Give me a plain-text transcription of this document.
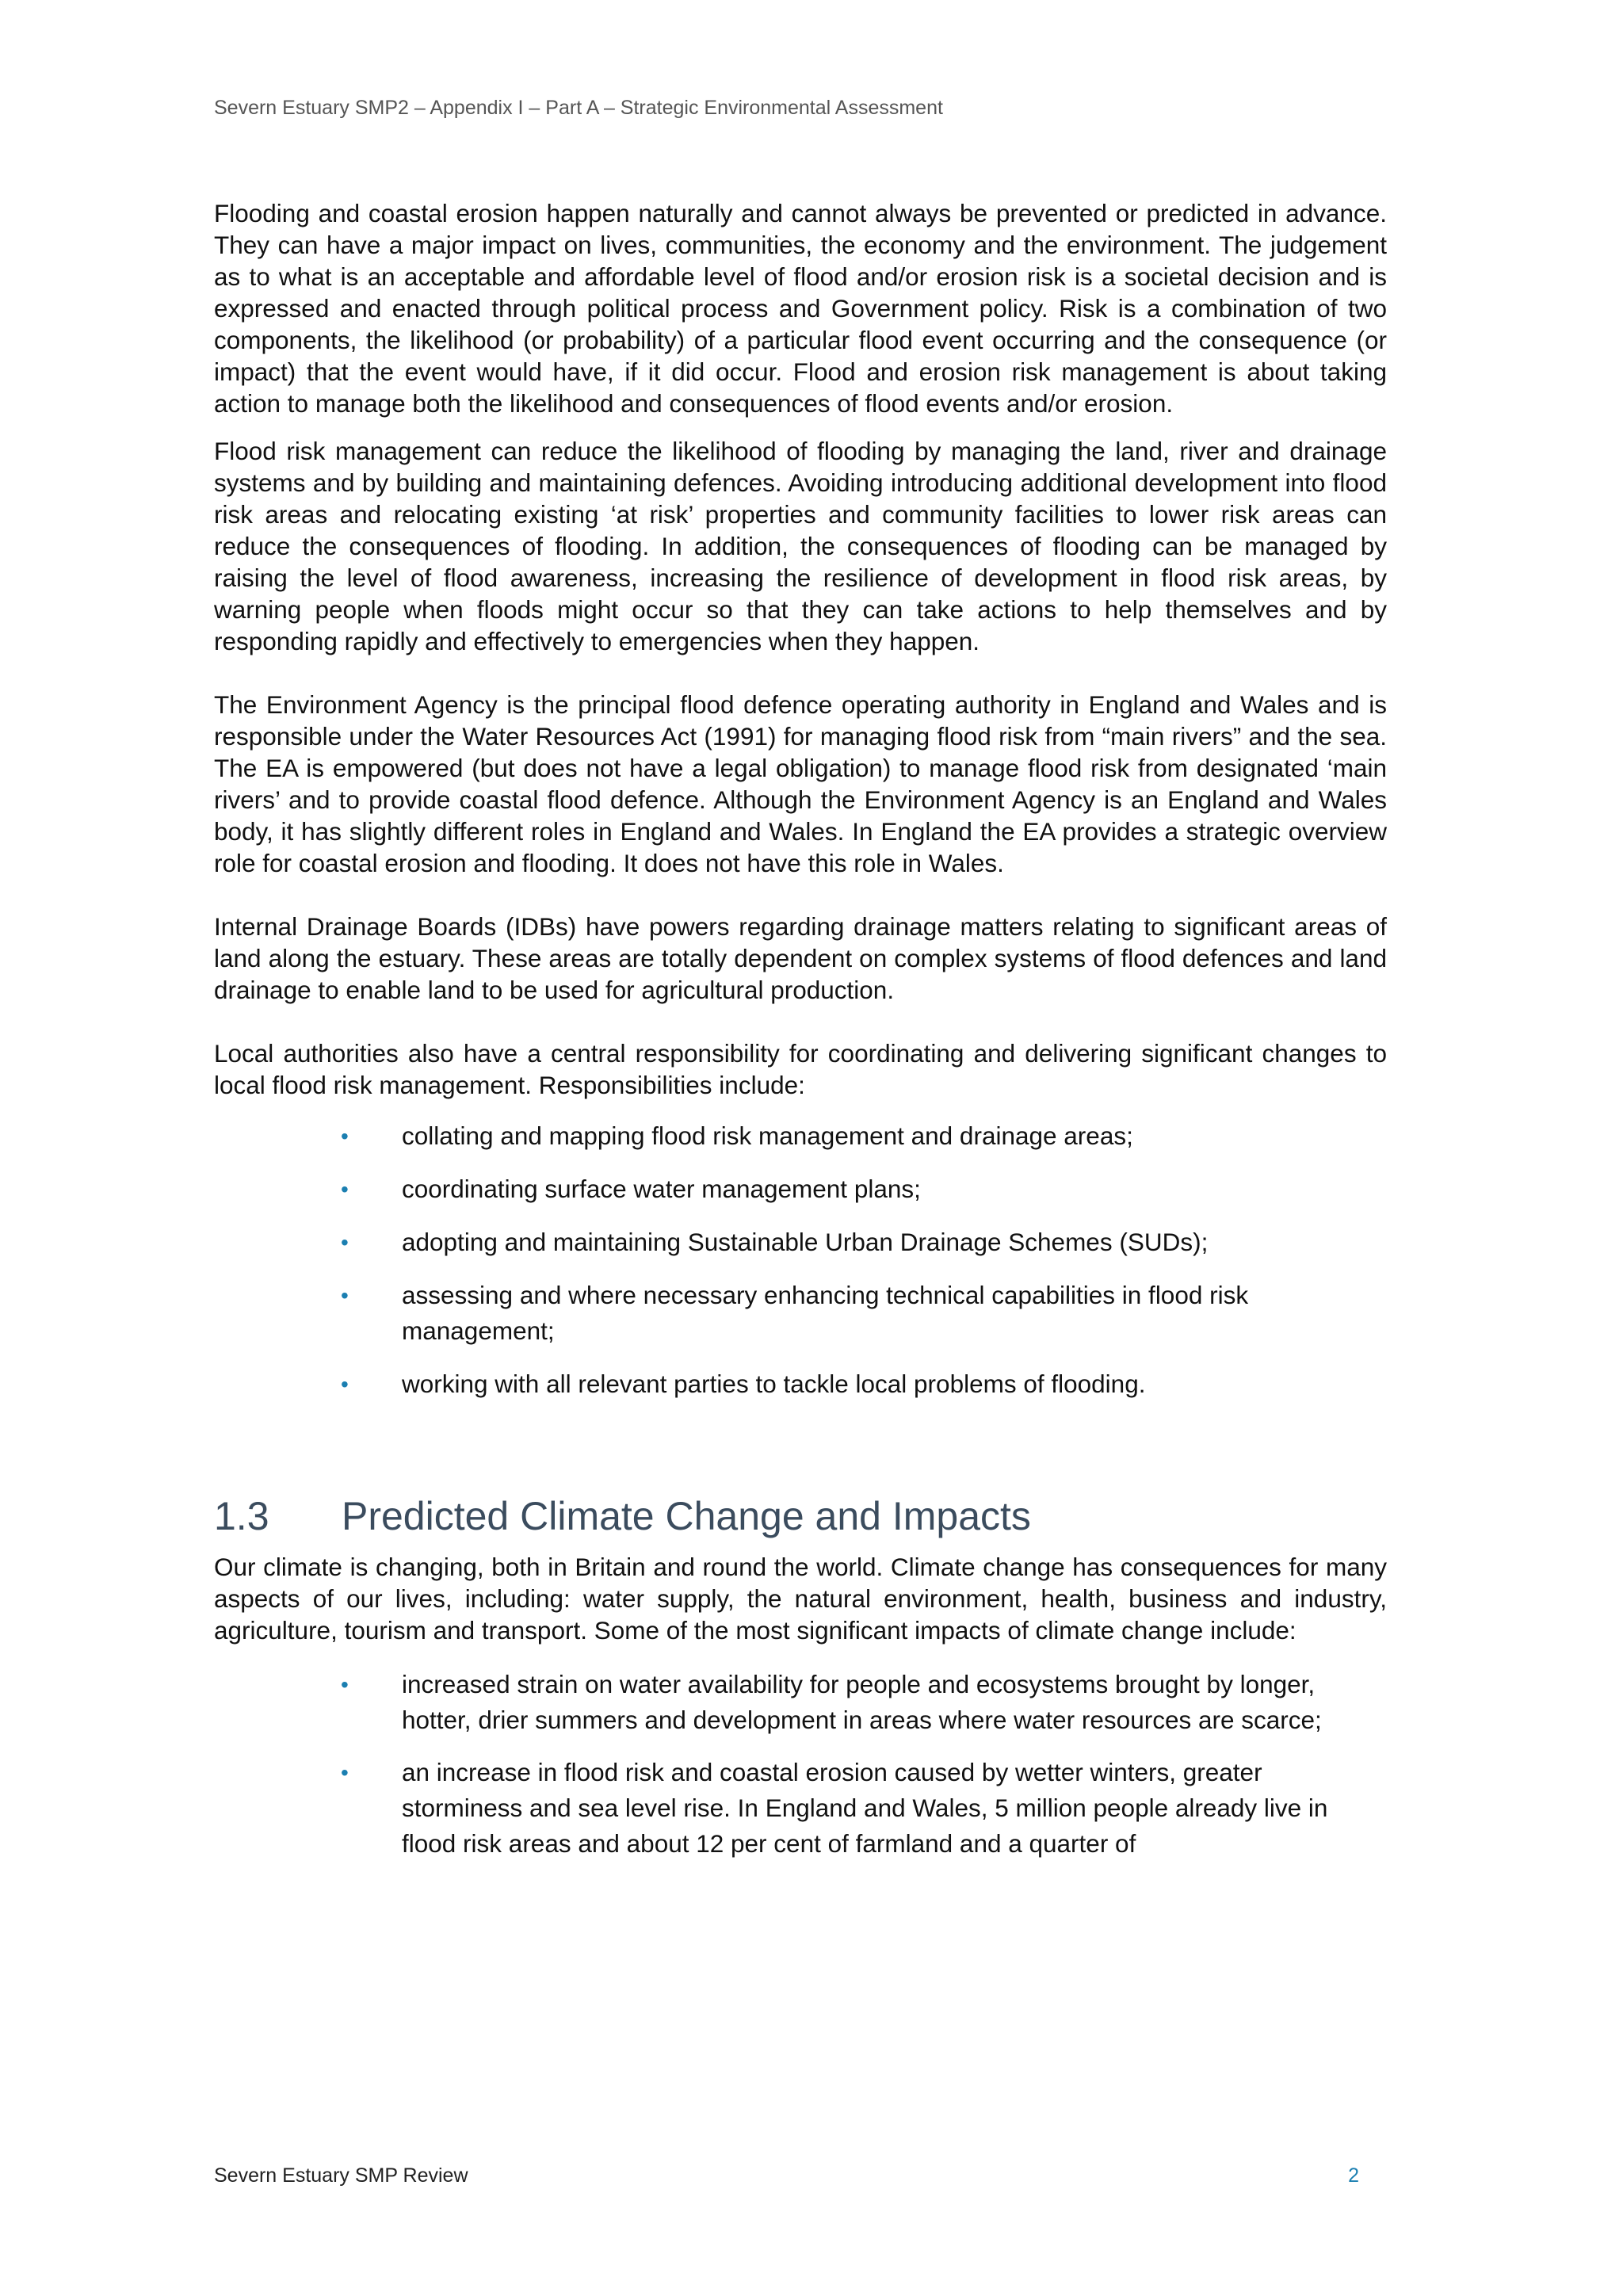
Severn Estuary SMP2 – Appendix I – Part A – Strategic Environmental Assessment

Flooding and coastal erosion happen naturally and cannot always be prevented or predicted in advance. They can have a major impact on lives, communities, the economy and the environment. The judgement as to what is an acceptable and affordable level of flood and/or erosion risk is a societal decision and is expressed and enacted through political process and Government policy. Risk is a combination of two components, the likelihood (or probability) of a particular flood event occurring and the consequence (or impact) that the event would have, if it did occur. Flood and erosion risk management is about taking action to manage both the likelihood and consequences of flood events and/or erosion.

Flood risk management can reduce the likelihood of flooding by managing the land, river and drainage systems and by building and maintaining defences. Avoiding introducing additional development into flood risk areas and relocating existing ‘at risk’ properties and community facilities to lower risk areas can reduce the consequences of flooding. In addition, the consequences of flooding can be managed by raising the level of flood awareness, increasing the resilience of development in flood risk areas, by warning people when floods might occur so that they can take actions to help themselves and by responding rapidly and effectively to emergencies when they happen.

The Environment Agency is the principal flood defence operating authority in England and Wales and is responsible under the Water Resources Act (1991) for managing flood risk from “main rivers” and the sea. The EA is empowered (but does not have a legal obligation) to manage flood risk from designated ‘main rivers’ and to provide coastal flood defence. Although the Environment Agency is an England and Wales body, it has slightly different roles in England and Wales. In England the EA provides a strategic overview role for coastal erosion and flooding. It does not have this role in Wales.

Internal Drainage Boards (IDBs) have powers regarding drainage matters relating to significant areas of land along the estuary. These areas are totally dependent on complex systems of flood defences and land drainage to enable land to be used for agricultural production.

Local authorities also have a central responsibility for coordinating and delivering significant changes to local flood risk management. Responsibilities include:

• collating and mapping flood risk management and drainage areas;
• coordinating surface water management plans;
• adopting and maintaining Sustainable Urban Drainage Schemes (SUDs);
• assessing and where necessary enhancing technical capabilities in flood risk management;
• working with all relevant parties to tackle local problems of flooding.
1.3 Predicted Climate Change and Impacts

Our climate is changing, both in Britain and round the world. Climate change has consequences for many aspects of our lives, including: water supply, the natural environment, health, business and industry, agriculture, tourism and transport. Some of the most significant impacts of climate change include:

• increased strain on water availability for people and ecosystems brought by longer, hotter, drier summers and development in areas where water resources are scarce;
• an increase in flood risk and coastal erosion caused by wetter winters, greater storminess and sea level rise. In England and Wales, 5 million people already live in flood risk areas and about 12 per cent of farmland and a quarter of
Severn Estuary SMP Review	2
